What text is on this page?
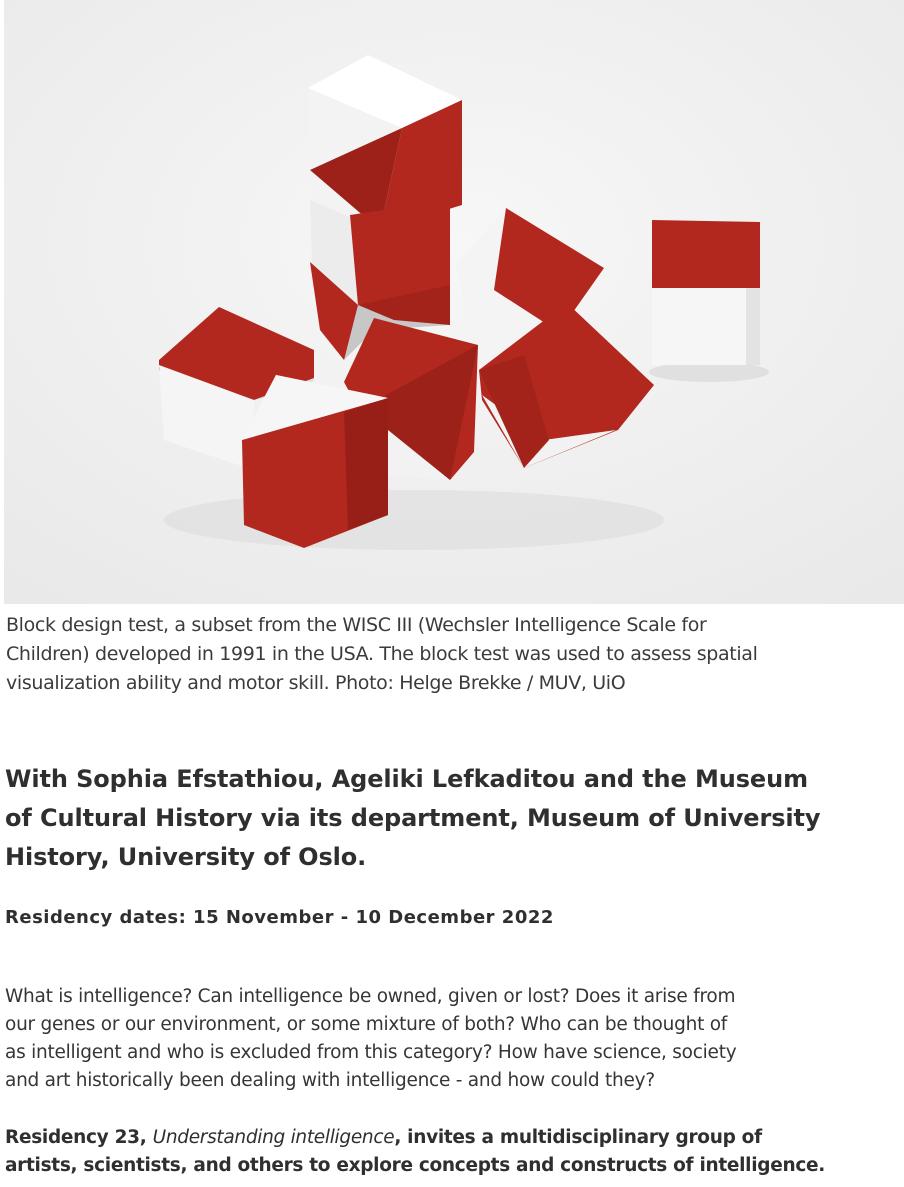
Block design test, a subset from the WISC III (Wechsler Intelligence Scale for
Children) developed in 1991 in the USA. The block test was used to assess spatial
visualization ability and motor skill. Photo: Helge Brekke / MUV, UiO
With Sophia Efstathiou, Ageliki Lefkaditou and the Museum
of Cultural History via its department, Museum of University
History, University of Oslo.
Residency dates: 15 November - 10 December 2022
What is intelligence? Can intelligence be owned, given or lost? Does it arise from
our genes or our environment, or some mixture of both? Who can be thought of
as intelligent and who is excluded from this category? How have science, society
and art historically been dealing with intelligence - and how could they?
Residency 23, Understanding intelligence, invites a multidisciplinary group of
artists, scientists, and others to explore concepts and constructs of intelligence.
